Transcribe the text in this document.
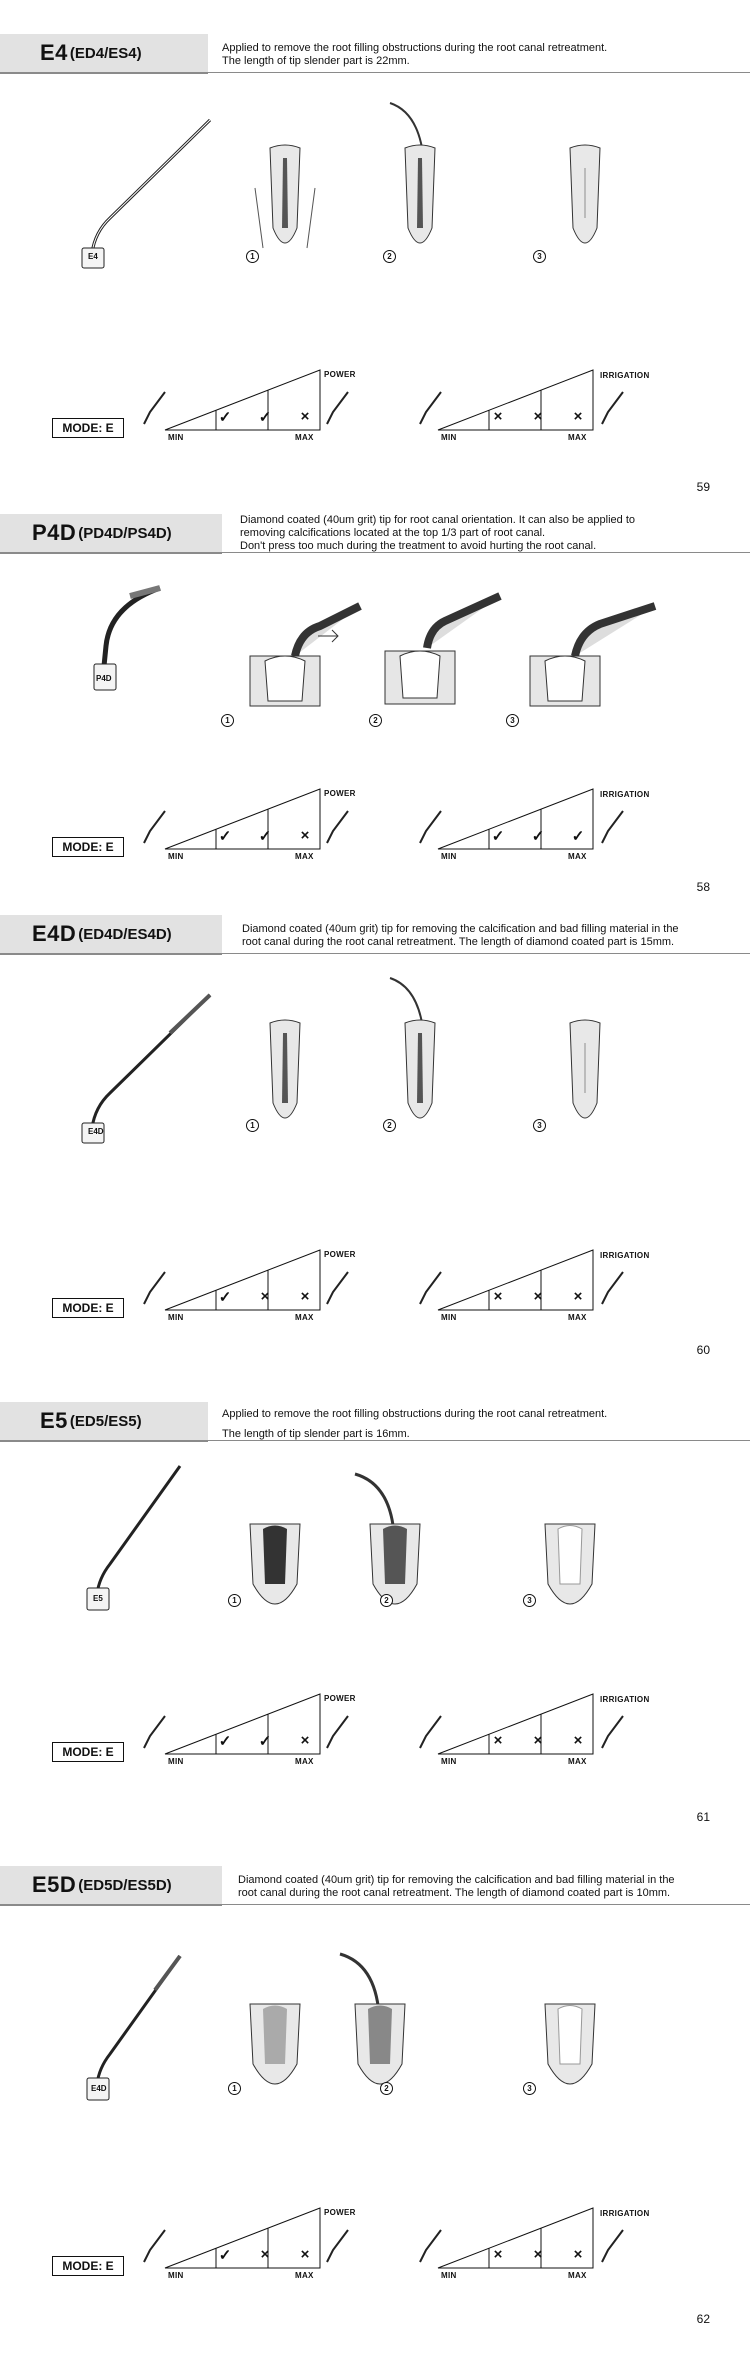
E4 (ED4/ES4)	Applied to remove the root filling obstructions during the root canal retreatment.
The length of tip slender part is 22mm.
E4	1	2	3
MODE: E
POWER
MIN	MAX
✓ ✓	×
IRRIGATION
MIN	MAX
×	×	×
59
P4D (PD4D/PS4D)
Diamond coated (40um grit) tip for root canal orientation. It can also be applied to
removing calcifications located at the top 1/3 part of root canal.
Don't press too much during the treatment to avoid hurting the root canal.
P4D
1	2	3
MODE: E
POWER
MIN	MAX
✓ ✓	×
IRRIGATION
MIN	MAX
✓ ✓ ✓
58
E4D (ED4D/ES4D)	Diamond coated (40um grit) tip for removing the calcification and bad filling material in the
root canal during the root canal retreatment. The length of diamond coated part is 15mm.
E4D
1	2	3
MODE: E
POWER
MIN	MAX
✓	×	×
IRRIGATION
MIN	MAX
×	×	×
60
E5 (ED5/ES5)	Applied to remove the root filling obstructions during the root canal retreatment.
The length of tip slender part is 16mm.
E5	1	2	3
MODE: E
POWER
MIN	MAX
✓ ✓	×
IRRIGATION
MIN	MAX
×	×	×
61
E5D (ED5D/ES5D)	Diamond coated (40um grit) tip for removing the calcification and bad filling material in the
root canal during the root canal retreatment. The length of diamond coated part is 10mm.
E4D	1	2	3
MODE: E
POWER
MIN	MAX
✓	×	×
IRRIGATION
MIN	MAX
×	×	×
62
